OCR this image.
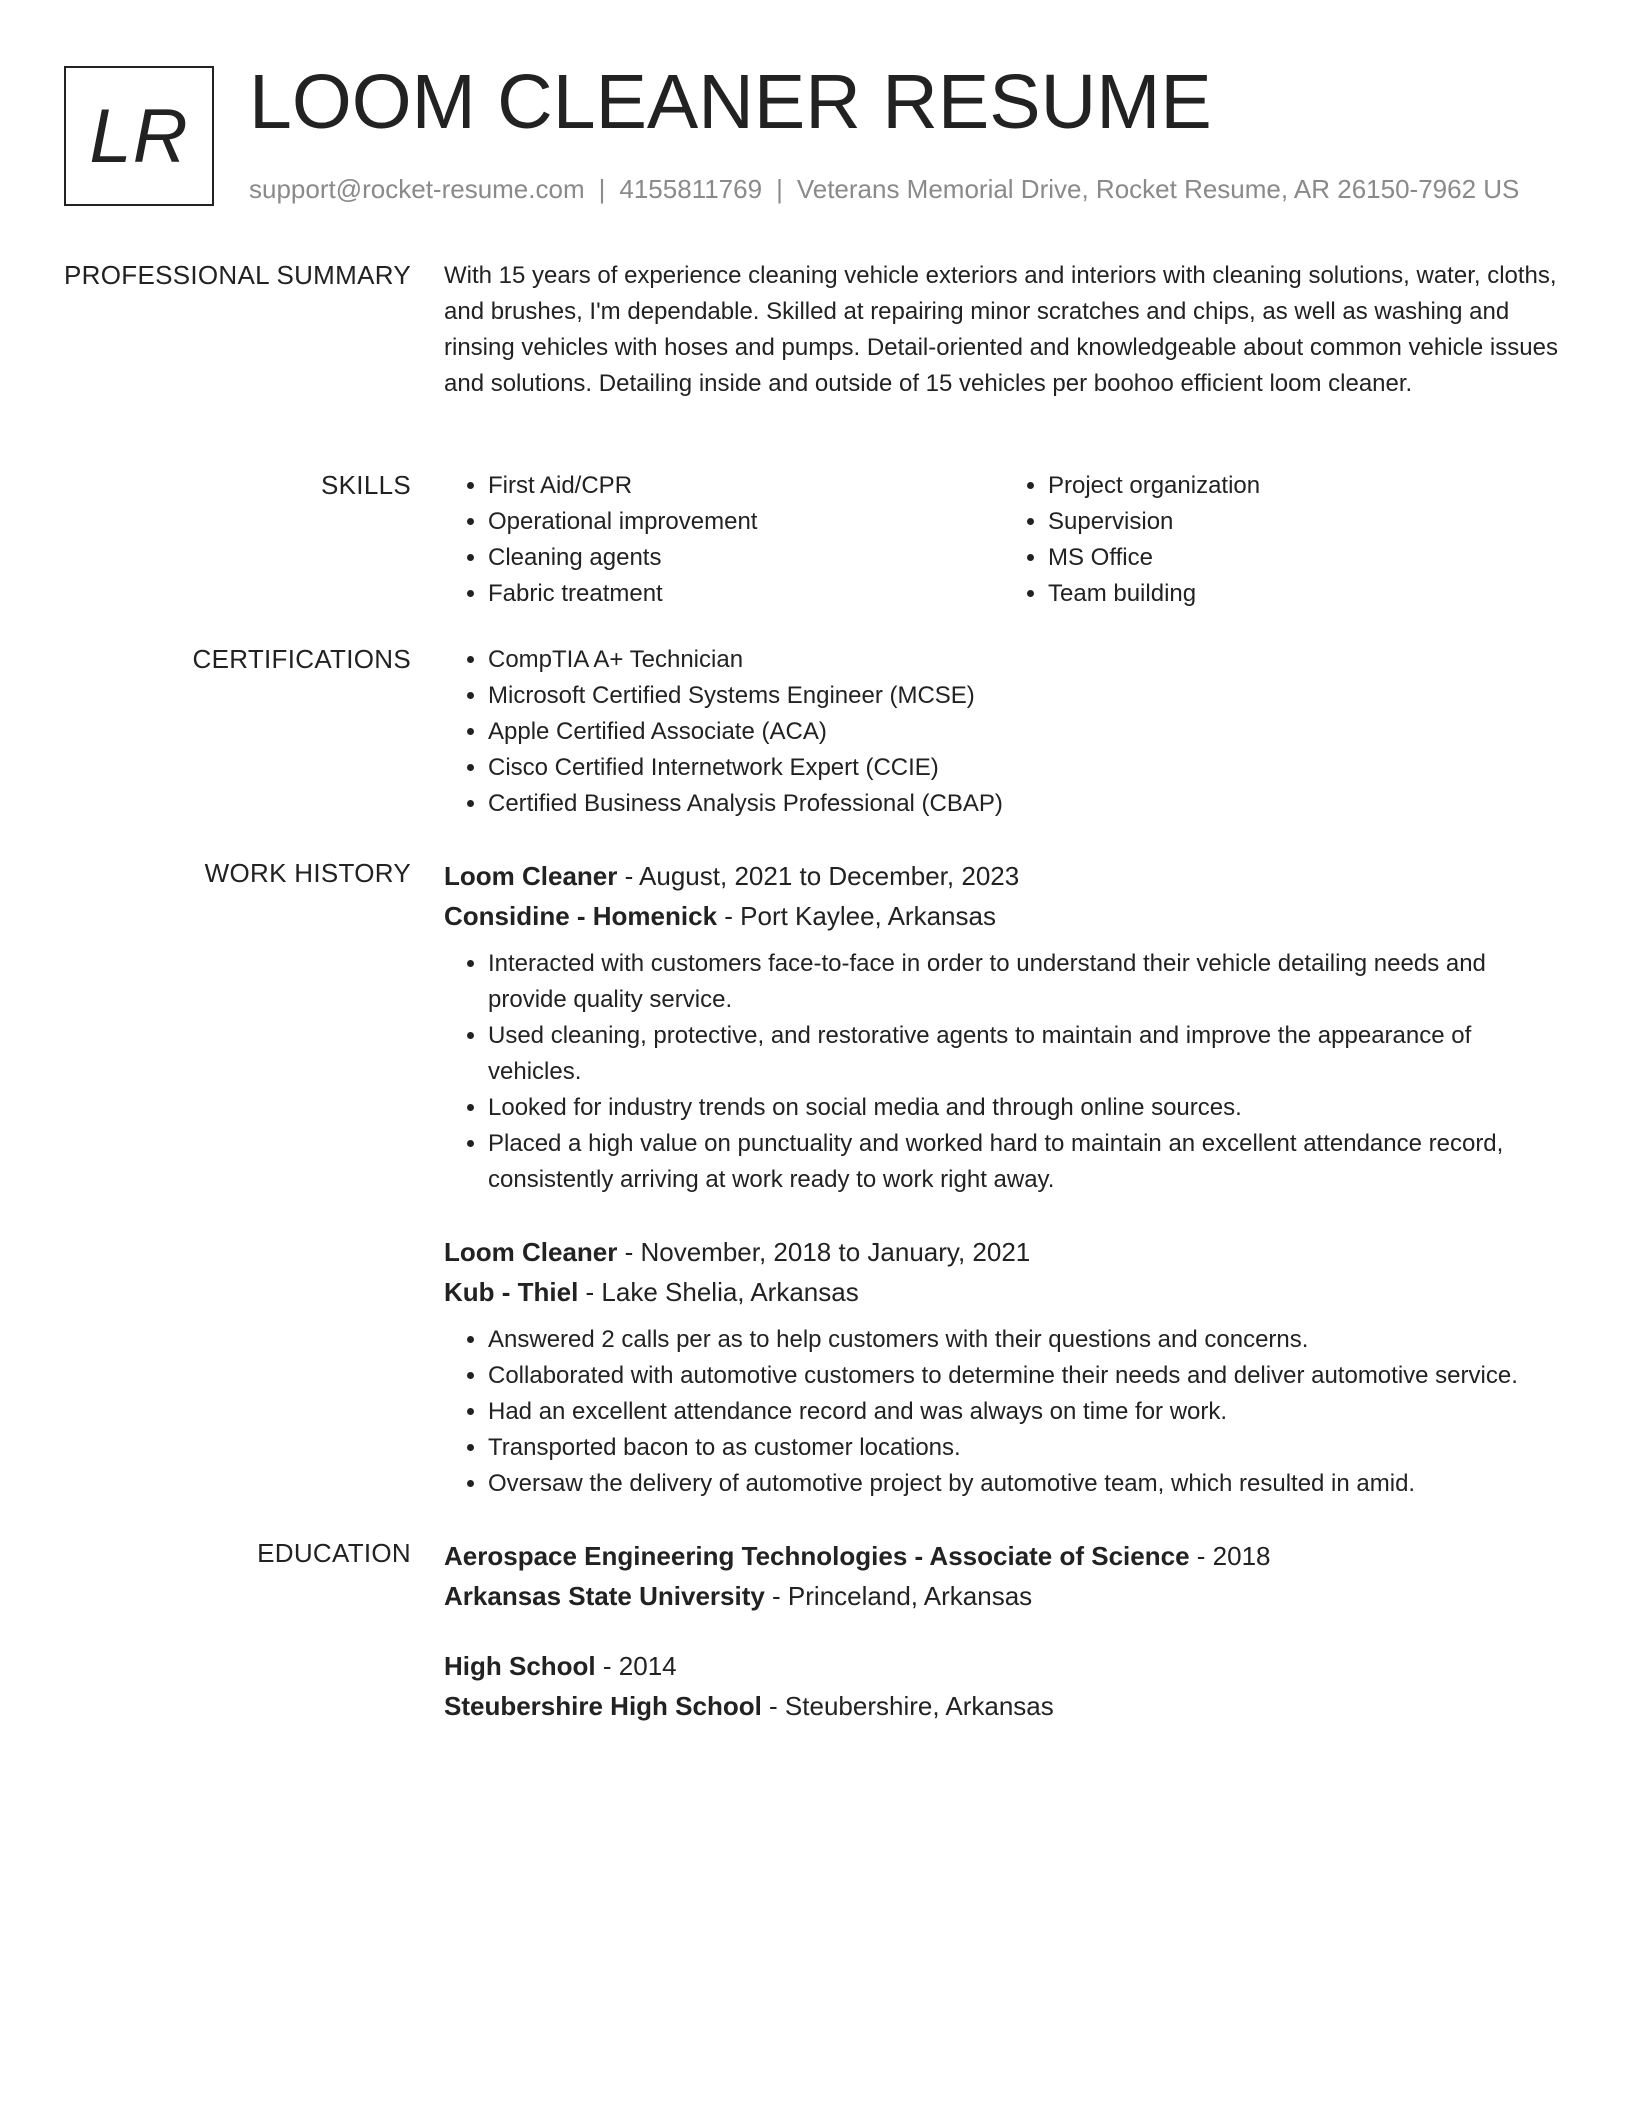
LR LOOM CLEANER RESUME
support@rocket-resume.com | 4155811769 | Veterans Memorial Drive, Rocket Resume, AR 26150-7962 US
PROFESSIONAL SUMMARY With 15 years of experience cleaning vehicle exteriors and interiors with cleaning solutions, water, cloths, and brushes, I'm dependable. Skilled at repairing minor scratches and chips, as well as washing and rinsing vehicles with hoses and pumps. Detail-oriented and knowledgeable about common vehicle issues and solutions. Detailing inside and outside of 15 vehicles per boohoo efficient loom cleaner.

SKILLS	• First Aid/CPR
• Operational improvement
• Cleaning agents
• Fabric treatment
• Project organization
• Supervision
• MS Office
• Team building
CERTIFICATIONS	• CompTIA A+ Technician
• Microsoft Certified Systems Engineer (MCSE)
• Apple Certified Associate (ACA)
• Cisco Certified Internetwork Expert (CCIE)
• Certified Business Analysis Professional (CBAP)
WORK HISTORY Loom Cleaner - August, 2021 to December, 2023
Considine - Homenick - Port Kaylee, Arkansas
• Interacted with customers face-to-face in order to understand their vehicle detailing needs and provide quality service.
• Used cleaning, protective, and restorative agents to maintain and improve the appearance of vehicles.
• Looked for industry trends on social media and through online sources.
• Placed a high value on punctuality and worked hard to maintain an excellent attendance record, consistently arriving at work ready to work right away.
Loom Cleaner - November, 2018 to January, 2021
Kub - Thiel - Lake Shelia, Arkansas
• Answered 2 calls per as to help customers with their questions and concerns.
• Collaborated with automotive customers to determine their needs and deliver automotive service.
• Had an excellent attendance record and was always on time for work.
• Transported bacon to as customer locations.
• Oversaw the delivery of automotive project by automotive team, which resulted in amid.
EDUCATION Aerospace Engineering Technologies - Associate of Science - 2018
Arkansas State University - Princeland, Arkansas
High School - 2014
Steubershire High School - Steubershire, Arkansas
